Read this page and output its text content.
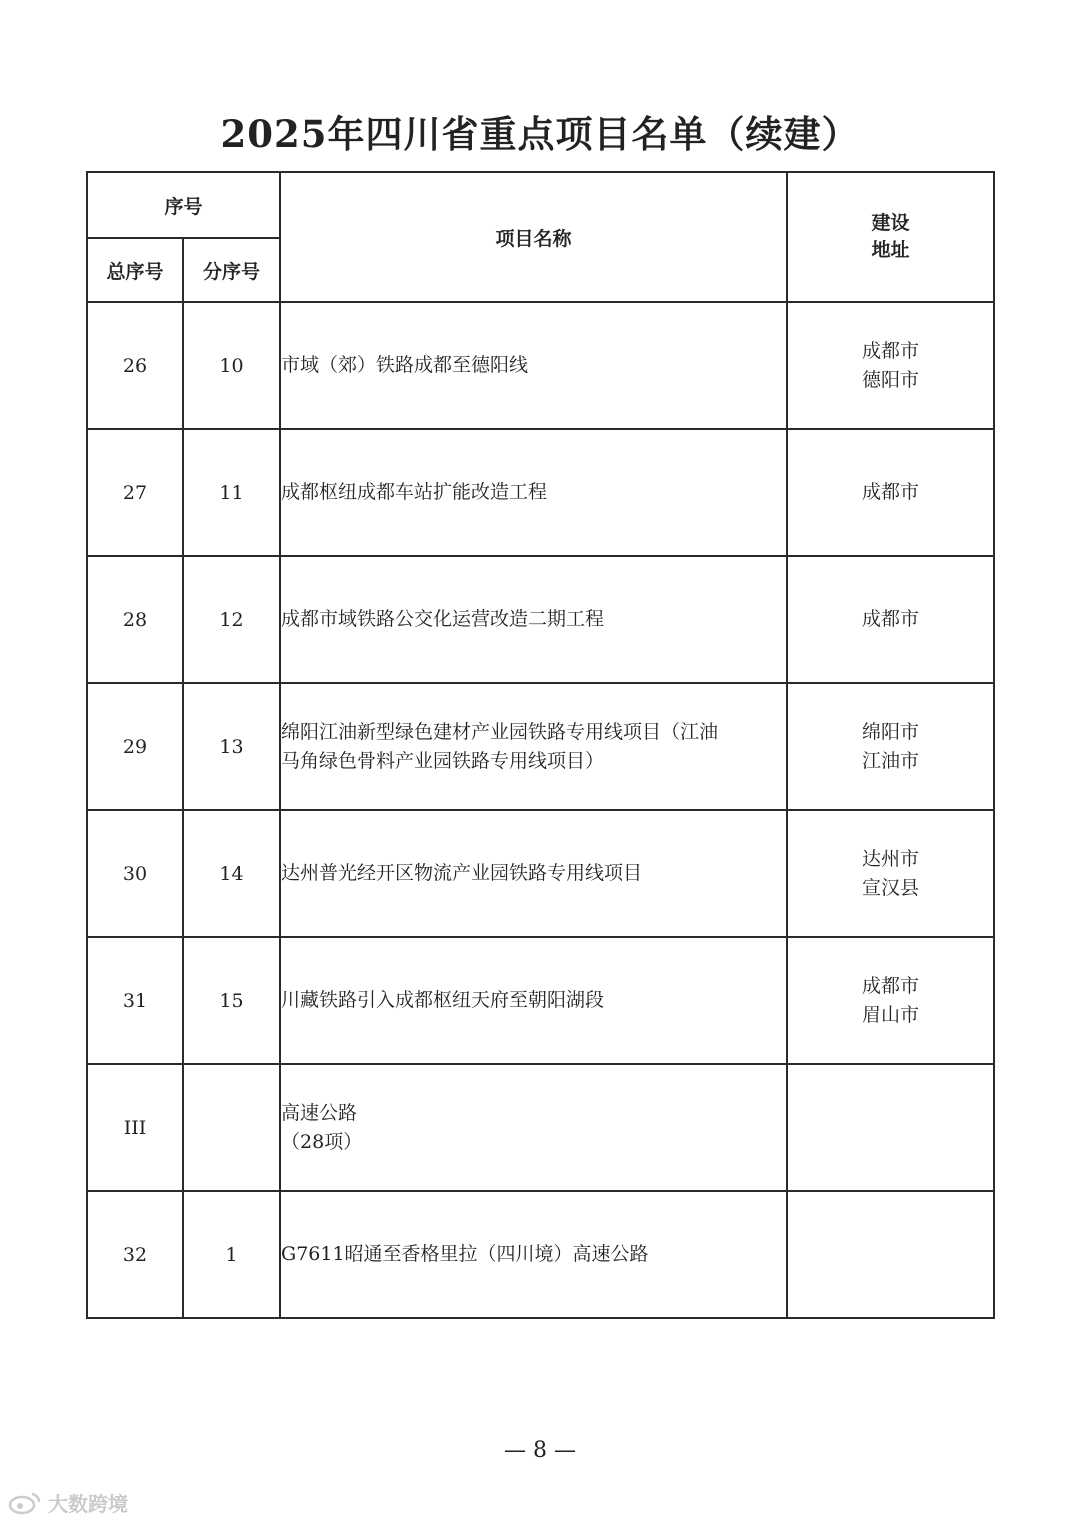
2025年四川省重点项目名单（续建）
序号		项目名称	建设
地址

总序号	分序号		
26	10	市域（郊）铁路成都至德阳线	成都市
德阳市

27	11	成都枢纽成都车站扩能改造工程	成都市

28	12	成都市域铁路公交化运营改造二期工程	成都市

29	13	绵阳江油新型绿色建材产业园铁路专用线项目（江油
马角绿色骨料产业园铁路专用线项目）	绵阳市
江油市

30	14	达州普光经开区物流产业园铁路专用线项目	达州市
宣汉县

31	15	川藏铁路引入成都枢纽天府至朝阳湖段	成都市
眉山市

III		高速公路
（28项）	

32	1	G7611昭通至香格里拉（四川境）高速公路	

— 8 —
大数跨境
